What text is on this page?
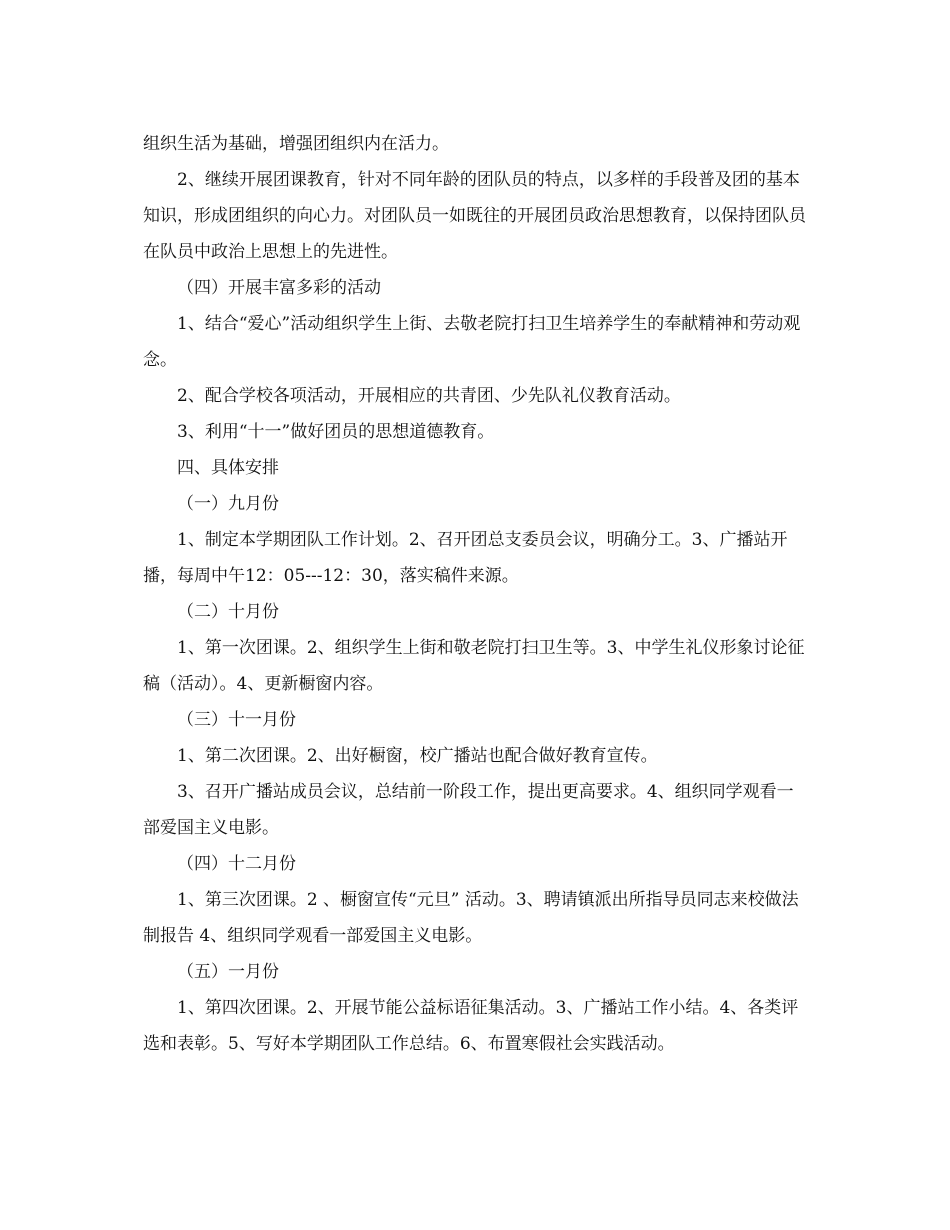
组织生活为基础，增强团组织内在活力。

2、继续开展团课教育，针对不同年龄的团队员的特点，以多样的手段普及团的基本知识，形成团组织的向心力。对团队员一如既往的开展团员政治思想教育，以保持团队员在队员中政治上思想上的先进性。

（四）开展丰富多彩的活动

1、结合“爱心”活动组织学生上街、去敬老院打扫卫生培养学生的奉献精神和劳动观念。

2、配合学校各项活动，开展相应的共青团、少先队礼仪教育活动。

3、利用“十一”做好团员的思想道德教育。

四、具体安排

（一）九月份

1、制定本学期团队工作计划。2、召开团总支委员会议，明确分工。3、广播站开播，每周中午12：05---12：30，落实稿件来源。

（二）十月份

1、第一次团课。2、组织学生上街和敬老院打扫卫生等。3、中学生礼仪形象讨论征稿（活动）。4、更新橱窗内容。

（三）十一月份

1、第二次团课。2、出好橱窗，校广播站也配合做好教育宣传。

3、召开广播站成员会议，总结前一阶段工作，提出更高要求。4、组织同学观看一部爱国主义电影。

（四）十二月份

1、第三次团课。2 、橱窗宣传“元旦” 活动。3、聘请镇派出所指导员同志来校做法制报告 4、组织同学观看一部爱国主义电影。

（五）一月份

1、第四次团课。2、开展节能公益标语征集活动。3、广播站工作小结。4、各类评选和表彰。5、写好本学期团队工作总结。6、布置寒假社会实践活动。
